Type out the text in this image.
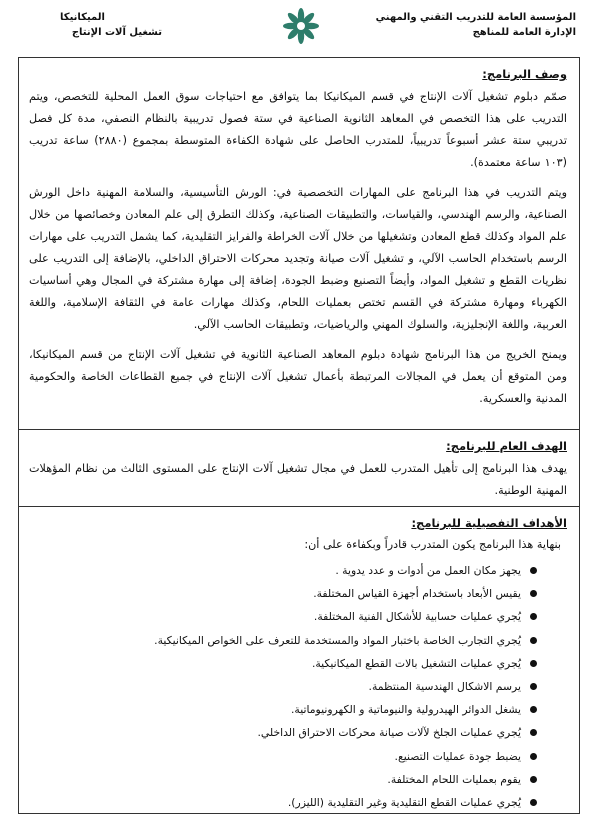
المؤسسة العامة للتدريب التقني والمهني
الإدارة العامة للمناهج
الميكانيكا
تشغيل آلات الإنتاج
وصف البرنامج:

صمّم دبلوم تشغيل آلات الإنتاج في قسم الميكانيكا بما يتوافق مع احتياجات سوق العمل المحلية للتخصص، ويتم التدريب على هذا التخصص في المعاهد الثانوية الصناعية في ستة فصول تدريبية بالنظام النصفي، مدة كل فصل تدريبي ستة عشر أسبوعاً تدريبياً، للمتدرب الحاصل على شهادة الكفاءة المتوسطة بمجموع (٢٨٨٠) ساعة تدريب (١٠٣ ساعة معتمدة).

ويتم التدريب في هذا البرنامج على المهارات التخصصية في: الورش التأسيسية، والسلامة المهنية داخل الورش الصناعية، والرسم الهندسي، والقياسات، والتطبيقات الصناعية، وكذلك التطرق إلى علم المعادن وخصائصها من خلال علم المواد وكذلك قطع المعادن وتشغيلها من خلال آلات الخراطة والفرايز التقليدية، كما يشمل التدريب على مهارات الرسم باستخدام الحاسب الآلي، و تشغيل آلات صيانة وتجديد محركات الاحتراق الداخلي، بالإضافة إلى التدريب على نظريات القطع و تشغيل المواد، وأيضاً التصنيع وضبط الجودة، إضافة إلى مهارة مشتركة في المجال وهي أساسيات الكهرباء ومهارة مشتركة في القسم تختص بعمليات اللحام، وكذلك مهارات عامة في الثقافة الإسلامية، واللغة العربية، واللغة الإنجليزية، والسلوك المهني والرياضيات، وتطبيقات الحاسب الآلي.

ويمنح الخريج من هذا البرنامج شهادة دبلوم المعاهد الصناعية الثانوية في تشغيل آلات الإنتاج من قسم الميكانيكا، ومن المتوقع أن يعمل في المجالات المرتبطة بأعمال تشغيل آلات الإنتاج في جميع القطاعات الخاصة والحكومية المدنية والعسكرية.

الهدف العام للبرنامج:

يهدف هذا البرنامج إلى تأهيل المتدرب للعمل في مجال تشغيل آلات الإنتاج على المستوى الثالث من نظام المؤهلات المهنية الوطنية.

الأهداف التفصيلية للبرنامج:
بنهاية هذا البرنامج يكون المتدرب قادراً وبكفاءة على أن:
يجهز مكان العمل من أدوات و عدد يدوية .
يقيس الأبعاد باستخدام أجهزة القياس المختلفة.
يُجري عمليات حسابية للأشكال الفنية المختلفة.
يُجري التجارب الخاصة باختبار المواد والمستخدمة للتعرف على الخواص الميكانيكية.
يُجري عمليات التشغيل بالات القطع الميكانيكية.
يرسم الاشكال الهندسية المنتظمة.
يشغل الدوائر الهيدرولية والنيوماتية و الكهرونيوماتية.
يُجري عمليات الجلخ لآلات صيانة محركات الاحتراق الداخلي.
يضبط جودة عمليات التصنيع.
يقوم بعمليات اللحام المختلفة.
يُجري عمليات القطع التقليدية وغير التقليدية (الليزر).
